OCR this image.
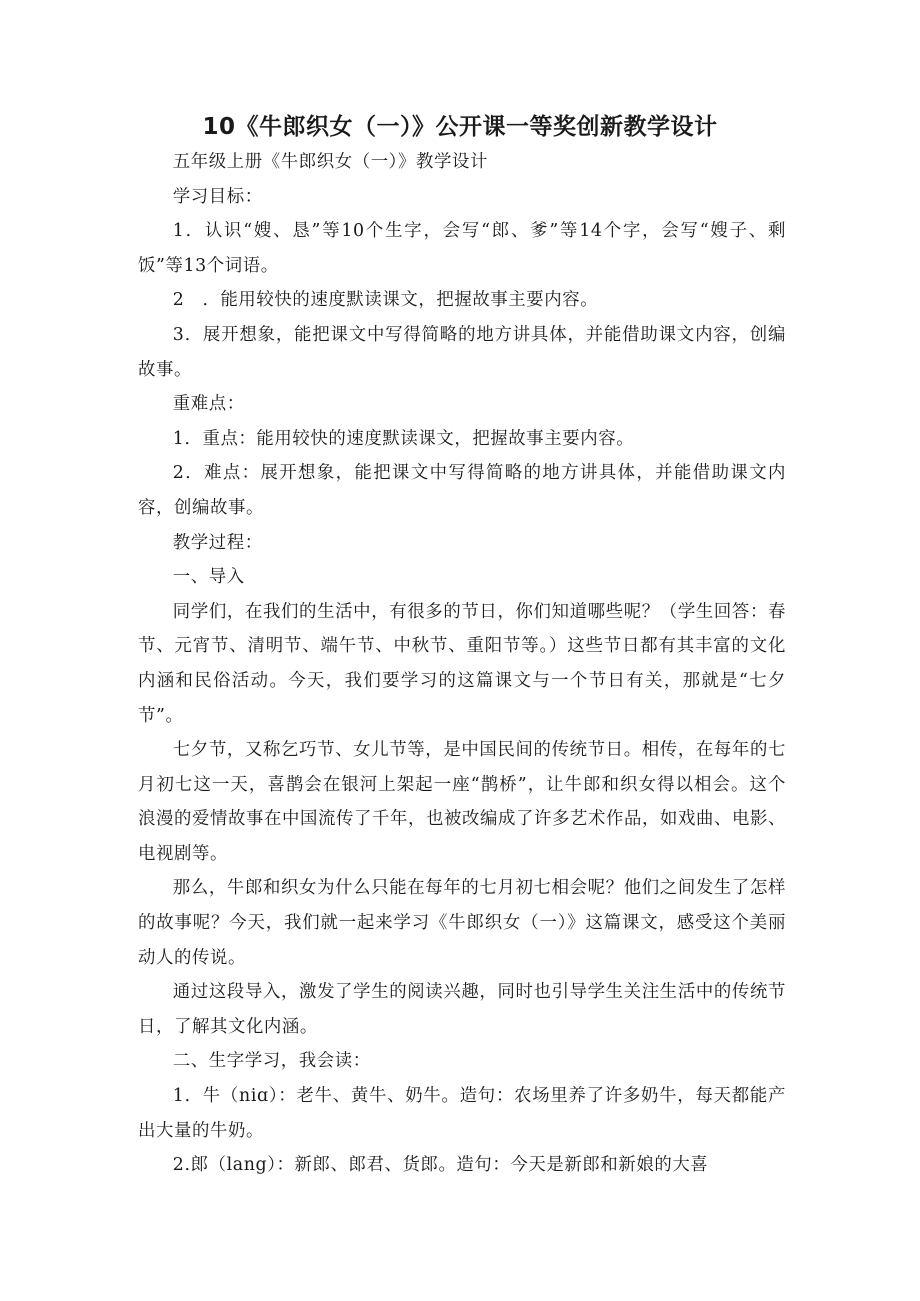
10《牛郎织女（一）》公开课一等奖创新教学设计

五年级上册《牛郎织女（一）》教学设计

学习目标：

1．认识“嫂、恳”等10个生字，会写“郎、爹”等14个字，会写“嫂子、剩饭”等13个词语。

2　．能用较快的速度默读课文，把握故事主要内容。

3．展开想象，能把课文中写得简略的地方讲具体，并能借助课文内容，创编故事。

重难点：

1．重点：能用较快的速度默读课文，把握故事主要内容。

2．难点：展开想象，能把课文中写得简略的地方讲具体，并能借助课文内容，创编故事。

教学过程：

一、导入

同学们，在我们的生活中，有很多的节日，你们知道哪些呢？（学生回答：春节、元宵节、清明节、端午节、中秋节、重阳节等。）这些节日都有其丰富的文化内涵和民俗活动。今天，我们要学习的这篇课文与一个节日有关，那就是“七夕节”。

七夕节，又称乞巧节、女儿节等，是中国民间的传统节日。相传，在每年的七月初七这一天，喜鹊会在银河上架起一座“鹊桥”，让牛郎和织女得以相会。这个浪漫的爱情故事在中国流传了千年，也被改编成了许多艺术作品，如戏曲、电影、电视剧等。

那么，牛郎和织女为什么只能在每年的七月初七相会呢？他们之间发生了怎样的故事呢？今天，我们就一起来学习《牛郎织女（一）》这篇课文，感受这个美丽动人的传说。

通过这段导入，激发了学生的阅读兴趣，同时也引导学生关注生活中的传统节日，了解其文化内涵。

二、生字学习，我会读：

1．牛（niɑ）：老牛、黄牛、奶牛。造句：农场里养了许多奶牛，每天都能产出大量的牛奶。

2.郎（lang）：新郎、郎君、货郎。造句：今天是新郎和新娘的大喜
